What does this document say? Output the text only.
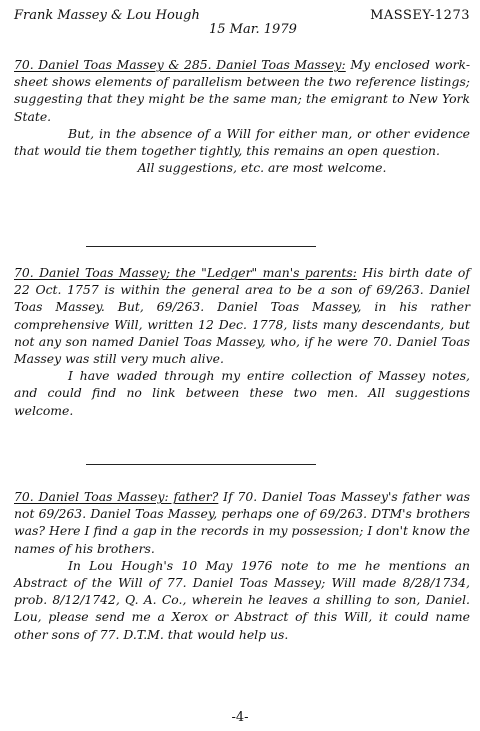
Frank Massey & Lou Hough
15 Mar. 1979
MASSEY-1273

70. Daniel Toas Massey & 285. Daniel Toas Massey: My enclosed work-sheet shows elements of parallelism between the two reference listings; suggesting that they might be the same man; the emigrant to New York State.

But, in the absence of a Will for either man, or other evidence that would tie them together tightly, this remains an open question.

All suggestions, etc. are most welcome.

70. Daniel Toas Massey; the "Ledger" man's parents: His birth date of 22 Oct. 1757 is within the general area to be a son of 69/263. Daniel Toas Massey. But, 69/263. Daniel Toas Massey, in his rather comprehensive Will, written 12 Dec. 1778, lists many descendants, but not any son named Daniel Toas Massey, who, if he were 70. Daniel Toas Massey was still very much alive.

I have waded through my entire collection of Massey notes, and could find no link between these two men. All suggestions welcome.

70. Daniel Toas Massey: father? If 70. Daniel Toas Massey's father was not 69/263. Daniel Toas Massey, perhaps one of 69/263. DTM's brothers was? Here I find a gap in the records in my possession; I don't know the names of his brothers.

In Lou Hough's 10 May 1976 note to me he mentions an Abstract of the Will of 77. Daniel Toas Massey; Will made 8/28/1734, prob. 8/12/1742, Q. A. Co., wherein he leaves a shilling to son, Daniel. Lou, please send me a Xerox or Abstract of this Will, it could name other sons of 77. D.T.M. that would help us.

-4-
